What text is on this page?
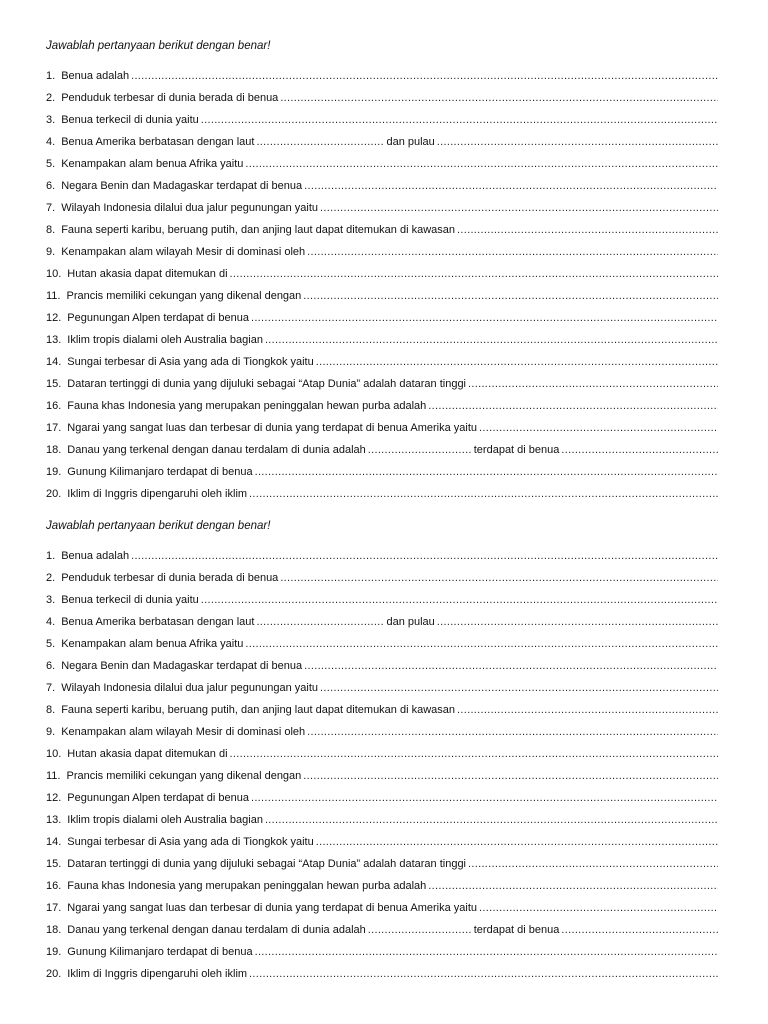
Jawablah pertanyaan berikut dengan benar!
1. Benua adalah
.....
2. Penduduk terbesar di dunia berada di benua
.....
3. Benua terkecil di dunia yaitu
.....
4. Benua Amerika berbatasan dengan laut .....	dan pulau
.....
5. Kenampakan alam benua Afrika yaitu
.....
6. Negara Benin dan Madagaskar terdapat di benua
.....
7. Wilayah Indonesia dilalui dua jalur pegunungan yaitu
.....
8. Fauna seperti karibu, beruang putih, dan anjing laut dapat ditemukan di kawasan
.....
9. Kenampakan alam wilayah Mesir di dominasi oleh
.....
10. Hutan akasia dapat ditemukan di
.....
11. Prancis memiliki cekungan yang dikenal dengan
.....
12. Pegunungan Alpen terdapat di benua
.....
13. Iklim tropis dialami oleh Australia bagian
.....
14. Sungai terbesar di Asia yang ada di Tiongkok yaitu
.....
15. Dataran tertinggi di dunia yang dijuluki sebagai “Atap Dunia” adalah dataran tinggi
.....
16. Fauna khas Indonesia yang merupakan peninggalan hewan purba adalah
.....
17. Ngarai yang sangat luas dan terbesar di dunia yang terdapat di benua Amerika yaitu
.....
18. Danau yang terkenal dengan danau terdalam di dunia adalah .....	terdapat di benua
.....
19. Gunung Kilimanjaro terdapat di benua
.....
20. Iklim di Inggris dipengaruhi oleh iklim
.....
Jawablah pertanyaan berikut dengan benar!
1. Benua adalah
.....
2. Penduduk terbesar di dunia berada di benua
.....
3. Benua terkecil di dunia yaitu
.....
4. Benua Amerika berbatasan dengan laut .....	dan pulau
.....
5. Kenampakan alam benua Afrika yaitu
.....
6. Negara Benin dan Madagaskar terdapat di benua
.....
7. Wilayah Indonesia dilalui dua jalur pegunungan yaitu
.....
8. Fauna seperti karibu, beruang putih, dan anjing laut dapat ditemukan di kawasan
.....
9. Kenampakan alam wilayah Mesir di dominasi oleh
.....
10. Hutan akasia dapat ditemukan di
.....
11. Prancis memiliki cekungan yang dikenal dengan
.....
12. Pegunungan Alpen terdapat di benua
.....
13. Iklim tropis dialami oleh Australia bagian
.....
14. Sungai terbesar di Asia yang ada di Tiongkok yaitu
.....
15. Dataran tertinggi di dunia yang dijuluki sebagai “Atap Dunia” adalah dataran tinggi
.....
16. Fauna khas Indonesia yang merupakan peninggalan hewan purba adalah
.....
17. Ngarai yang sangat luas dan terbesar di dunia yang terdapat di benua Amerika yaitu
.....
18. Danau yang terkenal dengan danau terdalam di dunia adalah .....	terdapat di benua
.....
19. Gunung Kilimanjaro terdapat di benua
.....
20. Iklim di Inggris dipengaruhi oleh iklim
.....
